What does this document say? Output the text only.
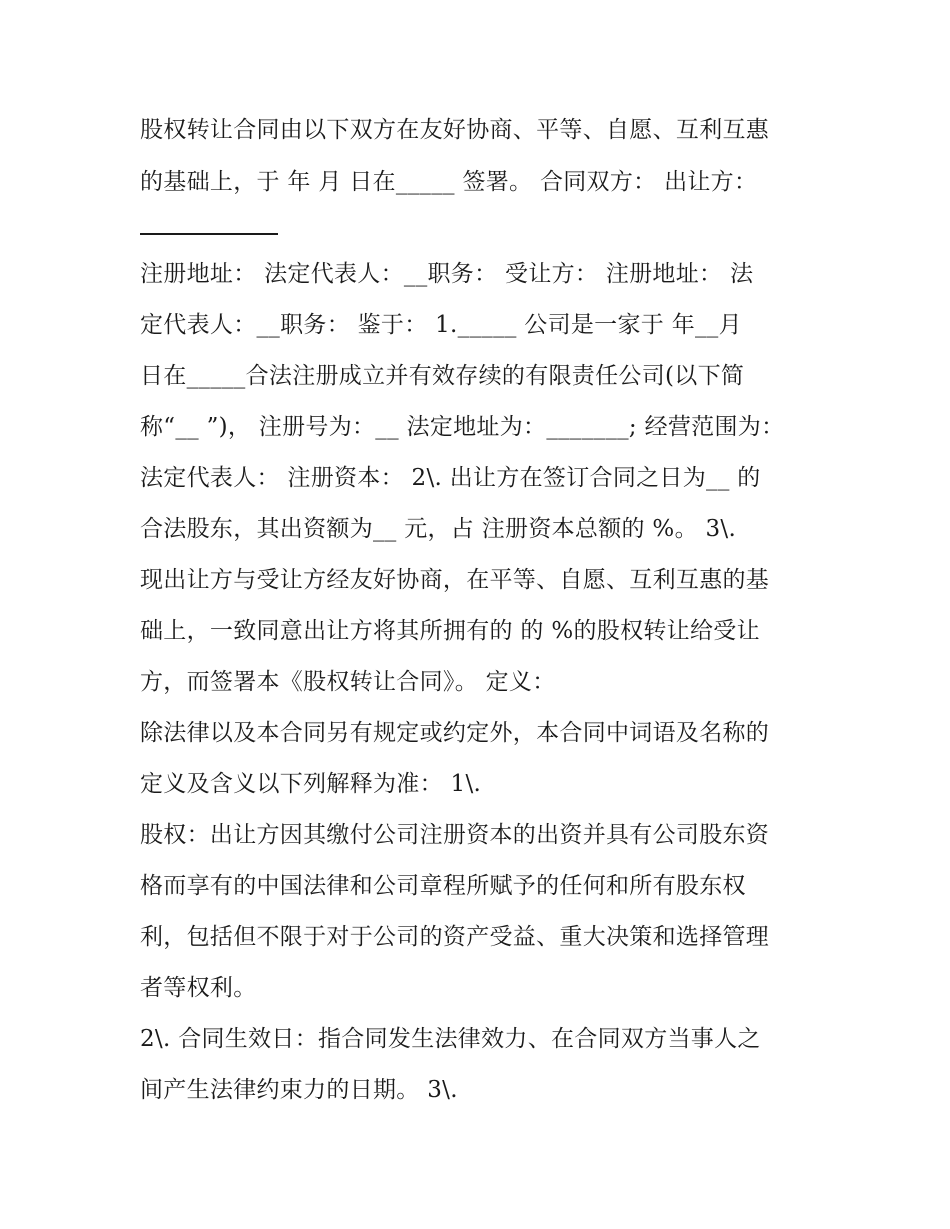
股权转让合同由以下双方在友好协商、平等、自愿、互利互惠
的基础上，于 年 月 日在_____ 签署。 合同双方： 出让方：
注册地址： 法定代表人：__职务： 受让方： 注册地址： 法
定代表人：__职务： 鉴于： 1._____ 公司是一家于 年__月
日在_____合法注册成立并有效存续的有限责任公司(以下简
称“__ ”)， 注册号为：__ 法定地址为：_______; 经营范围为：
法定代表人： 注册资本： 2\. 出让方在签订合同之日为__ 的
合法股东，其出资额为__ 元，占 注册资本总额的 %。 3\.
现出让方与受让方经友好协商，在平等、自愿、互利互惠的基
础上，一致同意出让方将其所拥有的 的 %的股权转让给受让
方，而签署本《股权转让合同》。 定义：
除法律以及本合同另有规定或约定外，本合同中词语及名称的
定义及含义以下列解释为准： 1\.
股权：出让方因其缴付公司注册资本的出资并具有公司股东资
格而享有的中国法律和公司章程所赋予的任何和所有股东权
利，包括但不限于对于公司的资产受益、重大决策和选择管理
者等权利。
2\. 合同生效日：指合同发生法律效力、在合同双方当事人之
间产生法律约束力的日期。 3\.
